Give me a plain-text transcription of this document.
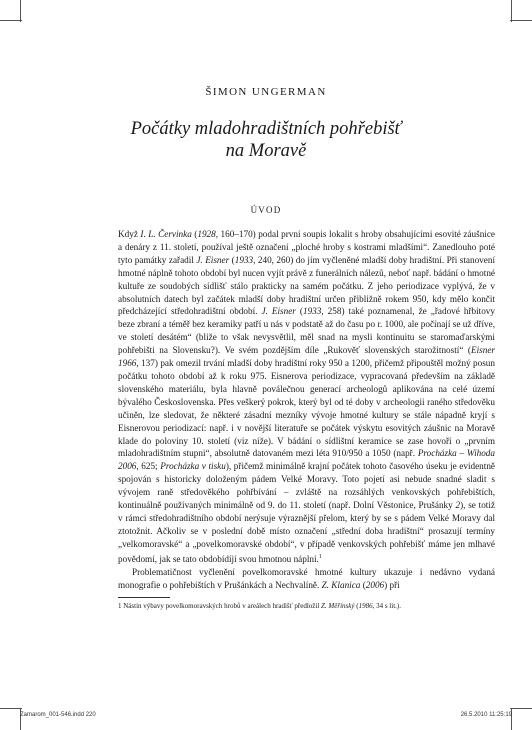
ŠIMON UNGERMAN
Počátky mladohradištních pohřebišť
na Moravě
ÚVOD

Když I. L. Červinka (1928, 160–170) podal první soupis lokalit s hroby obsahujícími esovité záušnice a denáry z 11. století, používal ještě označení „ploché hroby s kostrami mladšími“. Zanedlouho poté tyto památky zařadil J. Eisner (1933, 240, 260) do jím vyčleněné mladší doby hradištní. Při stanovení hmotné náplně tohoto období byl nucen vyjít právě z funerálních nálezů, neboť např. bádání o hmotné kultuře ze soudobých sídlišť stálo prakticky na samém počátku. Z jeho periodizace vyplývá, že v absolutních datech byl začátek mladší doby hradištní určen přibližně rokem 950, kdy mělo končit předcházející středohradištní období. J. Eisner (1933, 258) také poznamenal, že „řadové hřbitovy beze zbraní a téměř bez keramiky patří u nás v podstatě až do času po r. 1000, ale počínají se už dříve, ve století desátém“ (bliže to však nevysvětlil, měl snad na mysli kontinuitu se staromaďarskými pohřebišti na Slovensku?). Ve svém pozdějším díle „Rukověť slovenských starožitností“ (Eisner 1966, 137) pak omezil trvání mladší doby hradištní roky 950 a 1200, přičemž připouštěl možný posun počátku tohoto období až k roku 975. Eisnerova periodizace, vypracovaná především na základě slovenského materiálu, byla hlavně poválečnou generací archeologů aplikována na celé území bývalého Československa. Přes veškerý pokrok, který byl od té doby v archeologii raného středověku učiněn, lze sledovat, že některé zásadní mezníky vývoje hmotné kultury se stále nápadně kryjí s Eisnerovou periodizací: např. i v novější literatuře se počátek výskytu esovitých záušnic na Moravě klade do poloviny 10. století (viz níže). V bádání o sídlištní keramice se zase hovoří o „prvním mladohradištním stupni“, absolutně datovaném mezi léta 910/950 a 1050 (např. Procházka – Wihoda 2006, 625; Procházka v tisku), přičemž minimálně krajní počátek tohoto časového úseku je evidentně spojován s historicky doloženým pádem Velké Moravy. Toto pojetí asi nebude snadné sladit s vývojem raně středověkého pohřbívání – zvláště na rozsáhlých venkovských pohřebištích, kontinuálně používaných minimálně od 9. do 11. století (např. Dolní Věstonice, Prušánky 2), se totiž v rámci středohradištního období nerýsuje výraznější přelom, který by se s pádem Velké Moravy dal ztotožnit. Ačkoliv se v poslední době místo označení „střední doba hradištní“ prosazují termíny „velkomoravské“ a „povelkomoravské období“, v případě venkovských pohřebišť máme jen mlhavé povědomí, jak se tato obdobídíjí svou hmotnou náplní.$^1$

Problematičnost vyčlenění povelkomoravské hmotné kultury ukazuje i nedávno vydaná monografie o pohřebištích v Prušánkách a Nechvalíně. Z. Klanica (2006) při

1 Nástin výbavy povelkomoravských hrobů v areálech hradišť předložil Z. Měřínský (1986, 34 s lit.).
Zamarom_001-546.indd 220	26.5.2010 11:25:19
